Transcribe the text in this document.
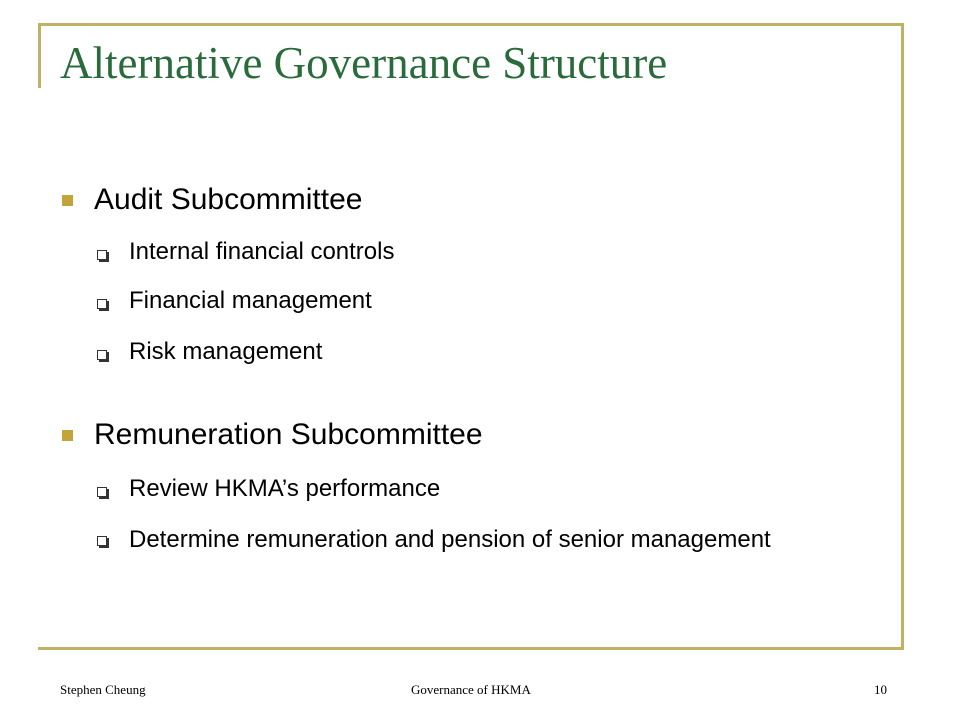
Alternative Governance Structure
Audit Subcommittee
Internal financial controls
Financial management
Risk management
Remuneration Subcommittee
Review HKMA’s performance
Determine remuneration and pension of senior management
Stephen Cheung	Governance of HKMA	10
